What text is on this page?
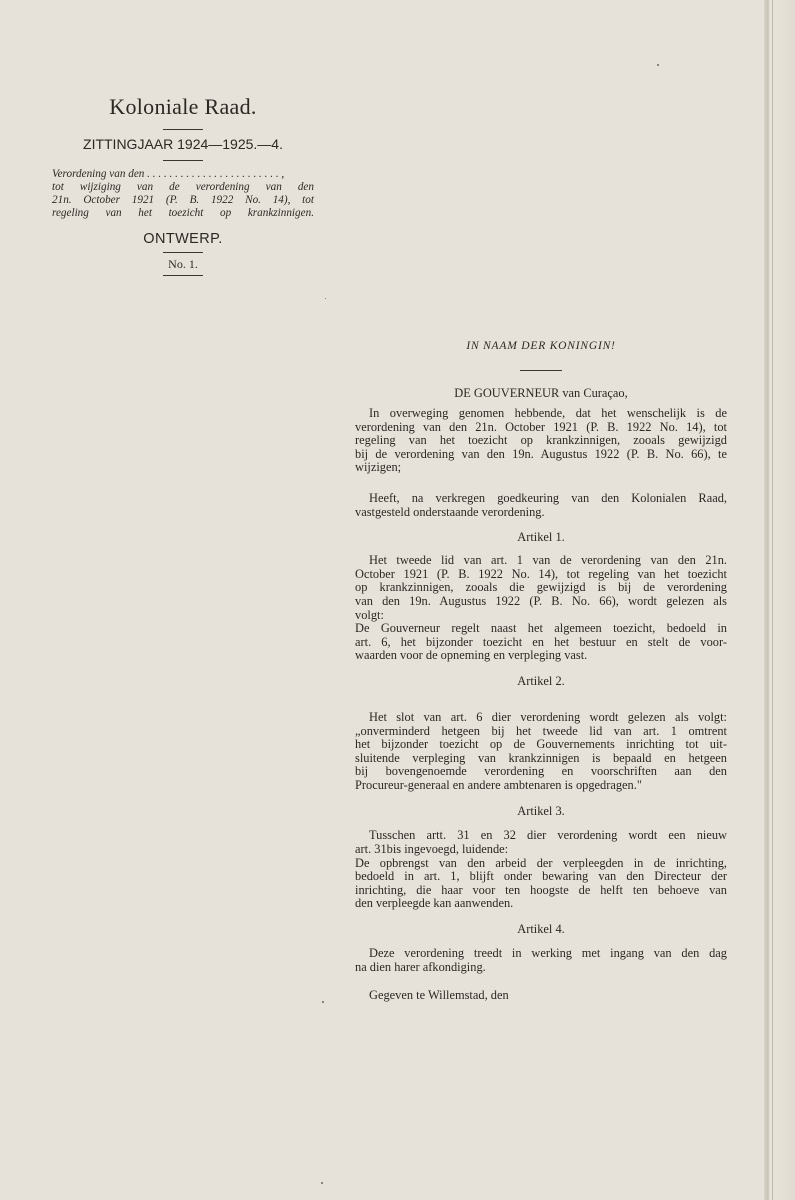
Koloniale Raad.
ZITTINGJAAR 1924—1925.—4.
Verordening van den . . . . . . . . . . . . . . . . . . . . . . . . ,
tot wijziging van de verordening van den
21n. October 1921 (P. B. 1922 No. 14), tot
regeling van het toezicht op krankzinnigen.
ONTWERP.
No. 1.
IN NAAM DER KONINGIN!
DE GOUVERNEUR van Curaçao,
In overweging genomen hebbende, dat het wenschelijk is de
verordening van den 21n. October 1921 (P. B. 1922 No. 14), tot
regeling van het toezicht op krankzinnigen, zooals gewijzigd
bij de verordening van den 19n. Augustus 1922 (P. B. No. 66), te
wijzigen;
Heeft, na verkregen goedkeuring van den Kolonialen Raad,
vastgesteld onderstaande verordening.
Artikel 1.
Het tweede lid van art. 1 van de verordening van den 21n.
October 1921 (P. B. 1922 No. 14), tot regeling van het toezicht
op krankzinnigen, zooals die gewijzigd is bij de verordening
van den 19n. Augustus 1922 (P. B. No. 66), wordt gelezen als
volgt:
De Gouverneur regelt naast het algemeen toezicht, bedoeld in
art. 6, het bijzonder toezicht en het bestuur en stelt de voor-
waarden voor de opneming en verpleging vast.
Artikel 2.
Het slot van art. 6 dier verordening wordt gelezen als volgt:
„onverminderd hetgeen bij het tweede lid van art. 1 omtrent
het bijzonder toezicht op de Gouvernements inrichting tot uit-
sluitende verpleging van krankzinnigen is bepaald en hetgeen
bij bovengenoemde verordening en voorschriften aan den
Procureur-generaal en andere ambtenaren is opgedragen."
Artikel 3.
Tusschen artt. 31 en 32 dier verordening wordt een nieuw
art. 31bis ingevoegd, luidende:
De opbrengst van den arbeid der verpleegden in de inrichting,
bedoeld in art. 1, blijft onder bewaring van den Directeur der
inrichting, die haar voor ten hoogste de helft ten behoeve van
den verpleegde kan aanwenden.
Artikel 4.
Deze verordening treedt in werking met ingang van den dag
na dien harer afkondiging.
Gegeven te Willemstad, den
